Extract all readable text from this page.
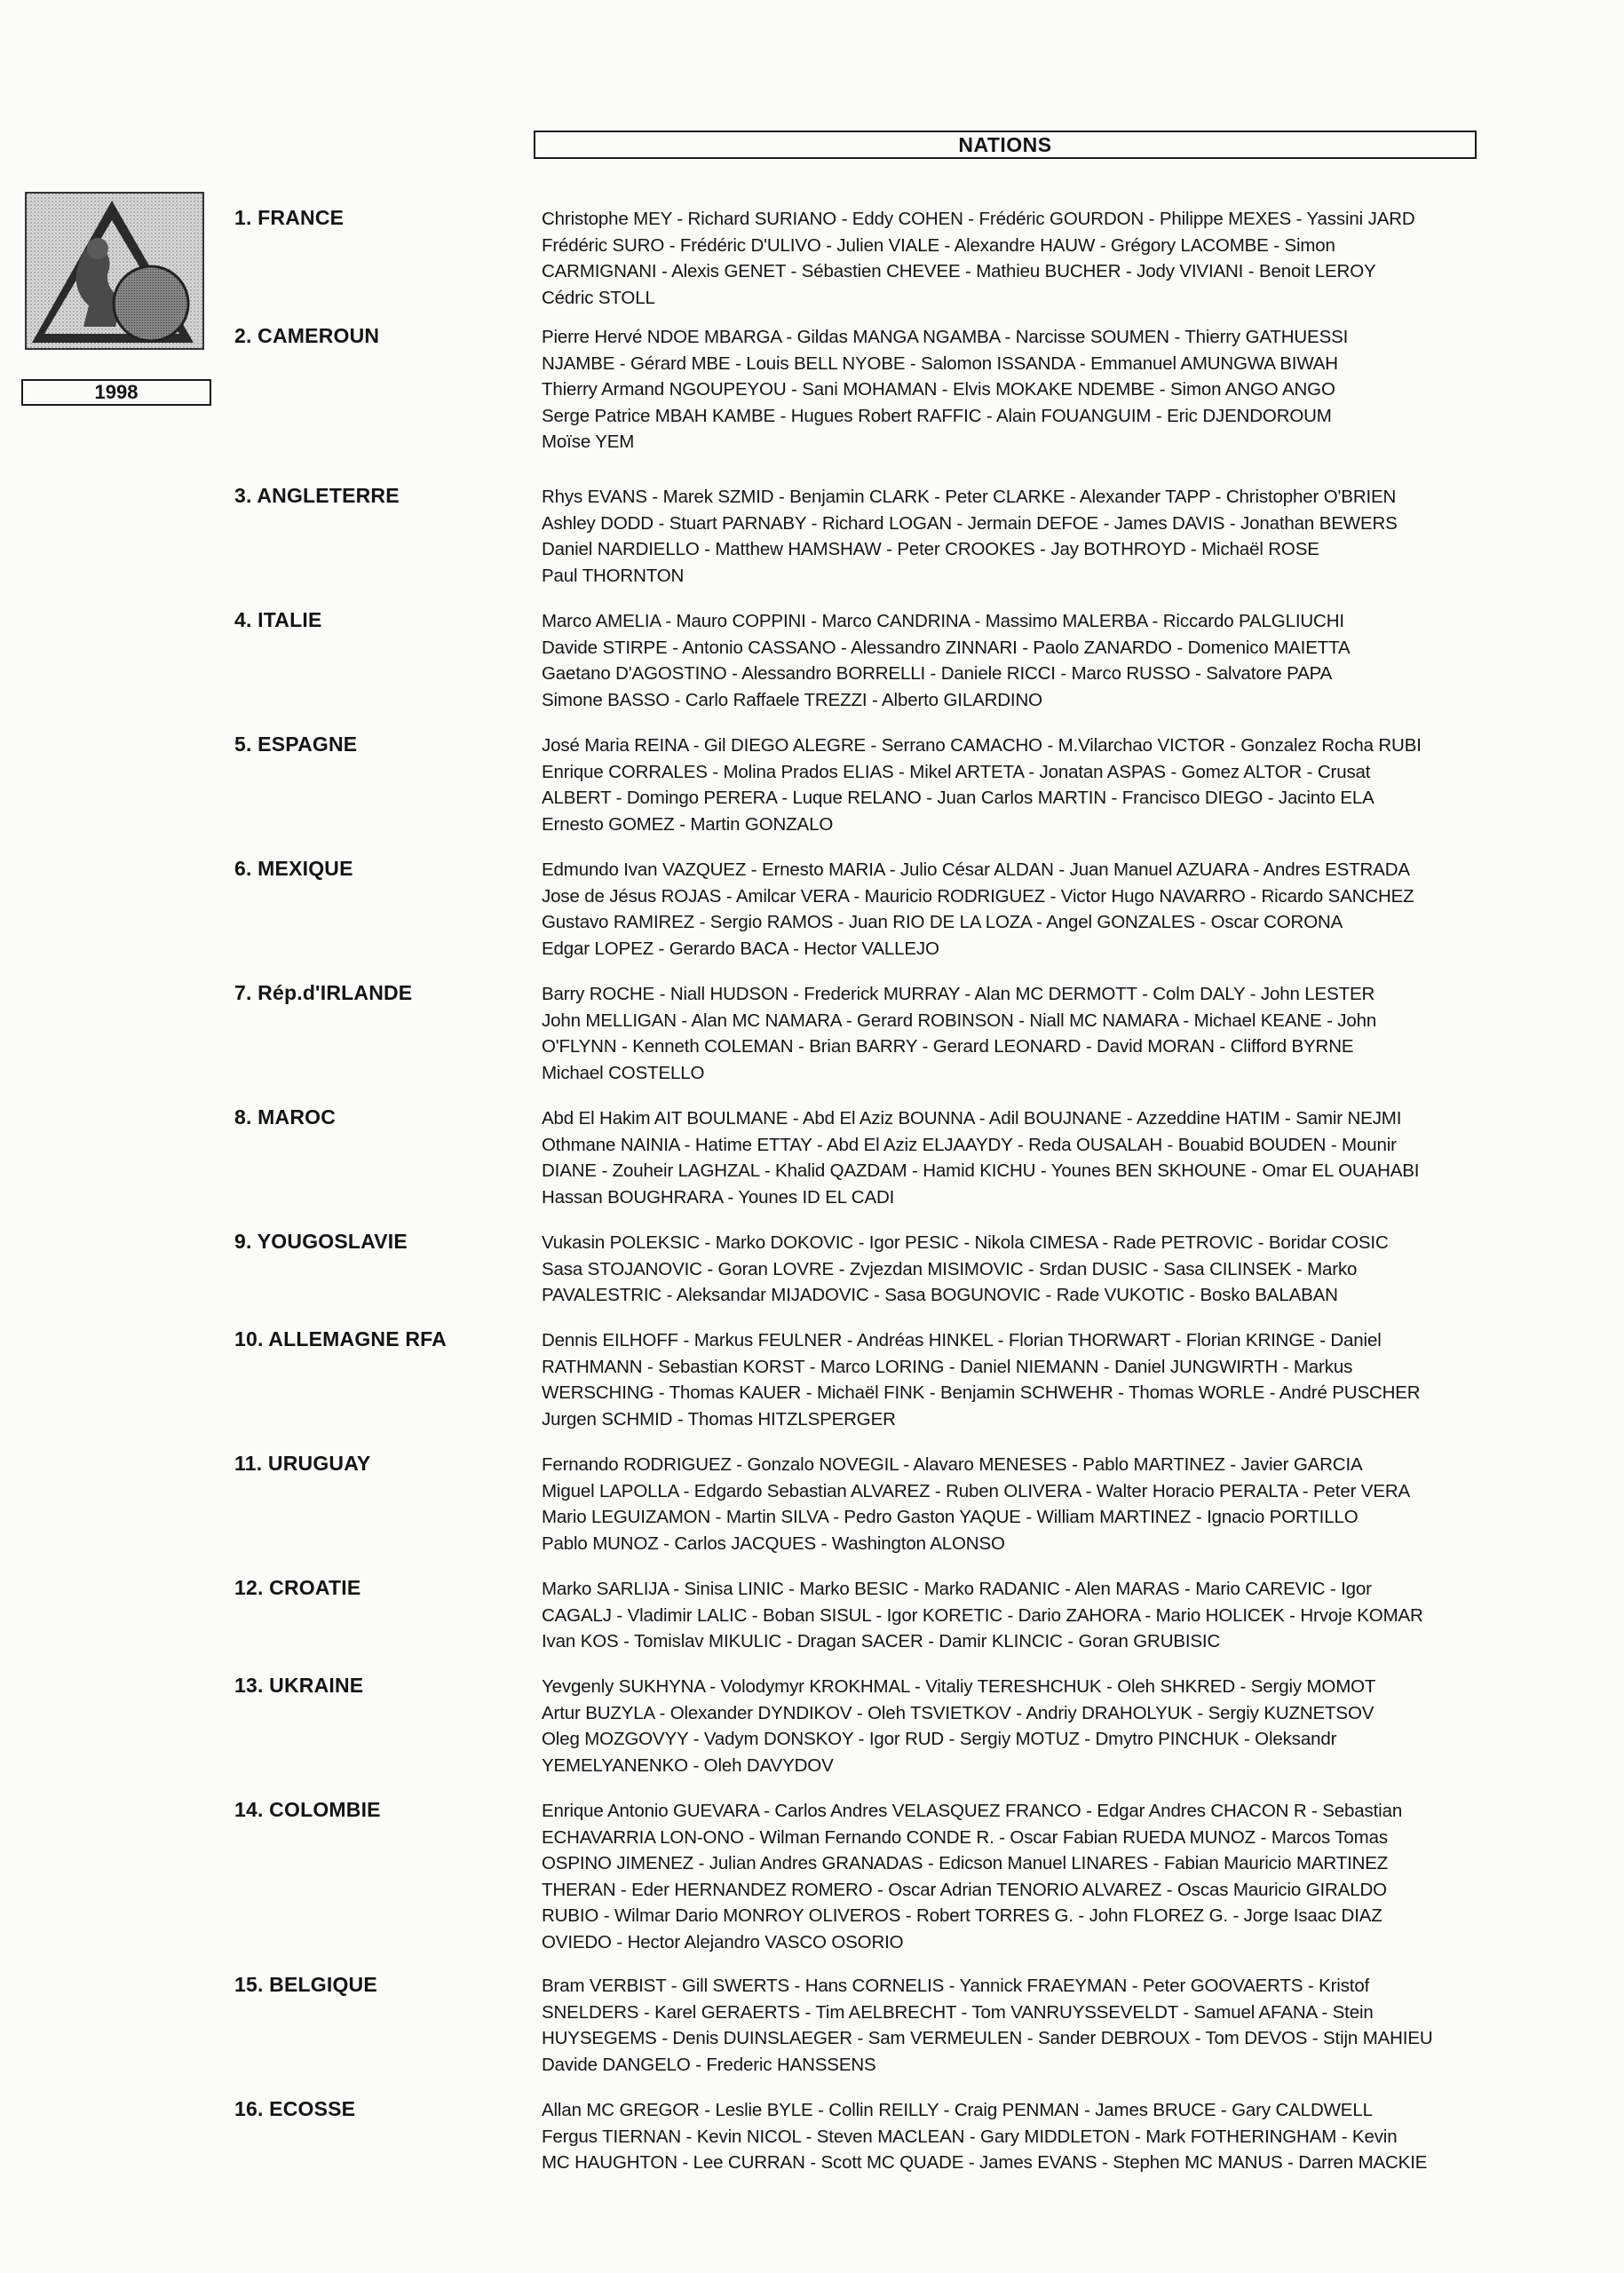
NATIONS
1998
1. FRANCE	Christophe MEY - Richard SURIANO - Eddy COHEN - Frédéric GOURDON - Philippe MEXES - Yassini JARD
Frédéric SURO - Frédéric D'ULIVO - Julien VIALE - Alexandre HAUW - Grégory LACOMBE - Simon
CARMIGNANI - Alexis GENET - Sébastien CHEVEE - Mathieu BUCHER - Jody VIVIANI - Benoit LEROY
Cédric STOLL
2. CAMEROUN	Pierre Hervé NDOE MBARGA - Gildas MANGA NGAMBA - Narcisse SOUMEN - Thierry GATHUESSI
NJAMBE - Gérard MBE - Louis BELL NYOBE - Salomon ISSANDA - Emmanuel AMUNGWA BIWAH
Thierry Armand NGOUPEYOU - Sani MOHAMAN - Elvis MOKAKE NDEMBE - Simon ANGO ANGO
Serge Patrice MBAH KAMBE - Hugues Robert RAFFIC - Alain FOUANGUIM - Eric DJENDOROUM
Moïse YEM
3. ANGLETERRE	Rhys EVANS - Marek SZMID - Benjamin CLARK - Peter CLARKE - Alexander TAPP - Christopher O'BRIEN
Ashley DODD - Stuart PARNABY - Richard LOGAN - Jermain DEFOE - James DAVIS - Jonathan BEWERS
Daniel NARDIELLO - Matthew HAMSHAW - Peter CROOKES - Jay BOTHROYD - Michaël ROSE
Paul THORNTON
4. ITALIE	Marco AMELIA - Mauro COPPINI - Marco CANDRINA - Massimo MALERBA - Riccardo PALGLIUCHI
Davide STIRPE - Antonio CASSANO - Alessandro ZINNARI - Paolo ZANARDO - Domenico MAIETTA
Gaetano D'AGOSTINO - Alessandro BORRELLI - Daniele RICCI - Marco RUSSO - Salvatore PAPA
Simone BASSO - Carlo Raffaele TREZZI - Alberto GILARDINO
5. ESPAGNE	José Maria REINA - Gil DIEGO ALEGRE - Serrano CAMACHO - M.Vilarchao VICTOR - Gonzalez Rocha RUBI
Enrique CORRALES - Molina Prados ELIAS - Mikel ARTETA - Jonatan ASPAS - Gomez ALTOR - Crusat
ALBERT - Domingo PERERA - Luque RELANO - Juan Carlos MARTIN - Francisco DIEGO - Jacinto ELA
Ernesto GOMEZ - Martin GONZALO
6. MEXIQUE	Edmundo Ivan VAZQUEZ - Ernesto MARIA - Julio César ALDAN - Juan Manuel AZUARA - Andres ESTRADA
Jose de Jésus ROJAS - Amilcar VERA - Mauricio RODRIGUEZ - Victor Hugo NAVARRO - Ricardo SANCHEZ
Gustavo RAMIREZ - Sergio RAMOS - Juan RIO DE LA LOZA - Angel GONZALES - Oscar CORONA
Edgar LOPEZ - Gerardo BACA - Hector VALLEJO
7. Rép.d'IRLANDE	Barry ROCHE - Niall HUDSON - Frederick MURRAY - Alan MC DERMOTT - Colm DALY - John LESTER
John MELLIGAN - Alan MC NAMARA - Gerard ROBINSON - Niall MC NAMARA - Michael KEANE - John
O'FLYNN - Kenneth COLEMAN - Brian BARRY - Gerard LEONARD - David MORAN - Clifford BYRNE
Michael COSTELLO
8. MAROC	Abd El Hakim AIT BOULMANE - Abd El Aziz BOUNNA - Adil BOUJNANE - Azzeddine HATIM - Samir NEJMI
Othmane NAINIA - Hatime ETTAY - Abd El Aziz ELJAAYDY - Reda OUSALAH - Bouabid BOUDEN - Mounir
DIANE - Zouheir LAGHZAL - Khalid QAZDAM - Hamid KICHU - Younes BEN SKHOUNE - Omar EL OUAHABI
Hassan BOUGHRARA - Younes ID EL CADI
9. YOUGOSLAVIE	Vukasin POLEKSIC - Marko DOKOVIC - Igor PESIC - Nikola CIMESA - Rade PETROVIC - Boridar COSIC
Sasa STOJANOVIC - Goran LOVRE - Zvjezdan MISIMOVIC - Srdan DUSIC - Sasa CILINSEK - Marko
PAVALESTRIC - Aleksandar MIJADOVIC - Sasa BOGUNOVIC - Rade VUKOTIC - Bosko BALABAN
10. ALLEMAGNE RFA	Dennis EILHOFF - Markus FEULNER - Andréas HINKEL - Florian THORWART - Florian KRINGE - Daniel
RATHMANN - Sebastian KORST - Marco LORING - Daniel NIEMANN - Daniel JUNGWIRTH - Markus
WERSCHING - Thomas KAUER - Michaël FINK - Benjamin SCHWEHR - Thomas WORLE - André PUSCHER
Jurgen SCHMID - Thomas HITZLSPERGER
11. URUGUAY	Fernando RODRIGUEZ - Gonzalo NOVEGIL - Alavaro MENESES - Pablo MARTINEZ - Javier GARCIA
Miguel LAPOLLA - Edgardo Sebastian ALVAREZ - Ruben OLIVERA - Walter Horacio PERALTA - Peter VERA
Mario LEGUIZAMON - Martin SILVA - Pedro Gaston YAQUE - William MARTINEZ - Ignacio PORTILLO
Pablo MUNOZ - Carlos JACQUES - Washington ALONSO
12. CROATIE	Marko SARLIJA - Sinisa LINIC - Marko BESIC - Marko RADANIC - Alen MARAS - Mario CAREVIC - Igor
CAGALJ - Vladimir LALIC - Boban SISUL - Igor KORETIC - Dario ZAHORA - Mario HOLICEK - Hrvoje KOMAR
Ivan KOS - Tomislav MIKULIC - Dragan SACER - Damir KLINCIC - Goran GRUBISIC
13. UKRAINE	Yevgenly SUKHYNA - Volodymyr KROKHMAL - Vitaliy TERESHCHUK - Oleh SHKRED - Sergiy MOMOT
Artur BUZYLA - Olexander DYNDIKOV - Oleh TSVIETKOV - Andriy DRAHOLYUK - Sergiy KUZNETSOV
Oleg MOZGOVYY - Vadym DONSKOY - Igor RUD - Sergiy MOTUZ - Dmytro PINCHUK - Oleksandr
YEMELYANENKO - Oleh DAVYDOV
14. COLOMBIE	Enrique Antonio GUEVARA - Carlos Andres VELASQUEZ FRANCO - Edgar Andres CHACON R - Sebastian
ECHAVARRIA LON-ONO - Wilman Fernando CONDE R. - Oscar Fabian RUEDA MUNOZ - Marcos Tomas
OSPINO JIMENEZ - Julian Andres GRANADAS - Edicson Manuel LINARES - Fabian Mauricio MARTINEZ
THERAN - Eder HERNANDEZ ROMERO - Oscar Adrian TENORIO ALVAREZ - Oscas Mauricio GIRALDO
RUBIO - Wilmar Dario MONROY OLIVEROS - Robert TORRES G. - John FLOREZ G. - Jorge Isaac DIAZ
OVIEDO - Hector Alejandro VASCO OSORIO
15. BELGIQUE	Bram VERBIST - Gill SWERTS - Hans CORNELIS - Yannick FRAEYMAN - Peter GOOVAERTS - Kristof
SNELDERS - Karel GERAERTS - Tim AELBRECHT - Tom VANRUYSSEVELDT - Samuel AFANA - Stein
HUYSEGEMS - Denis DUINSLAEGER - Sam VERMEULEN - Sander DEBROUX - Tom DEVOS - Stijn MAHIEU
Davide DANGELO - Frederic HANSSENS
16. ECOSSE	Allan MC GREGOR - Leslie BYLE - Collin REILLY - Craig PENMAN - James BRUCE - Gary CALDWELL
Fergus TIERNAN - Kevin NICOL - Steven MACLEAN - Gary MIDDLETON - Mark FOTHERINGHAM - Kevin
MC HAUGHTON - Lee CURRAN - Scott MC QUADE - James EVANS - Stephen MC MANUS - Darren MACKIE
